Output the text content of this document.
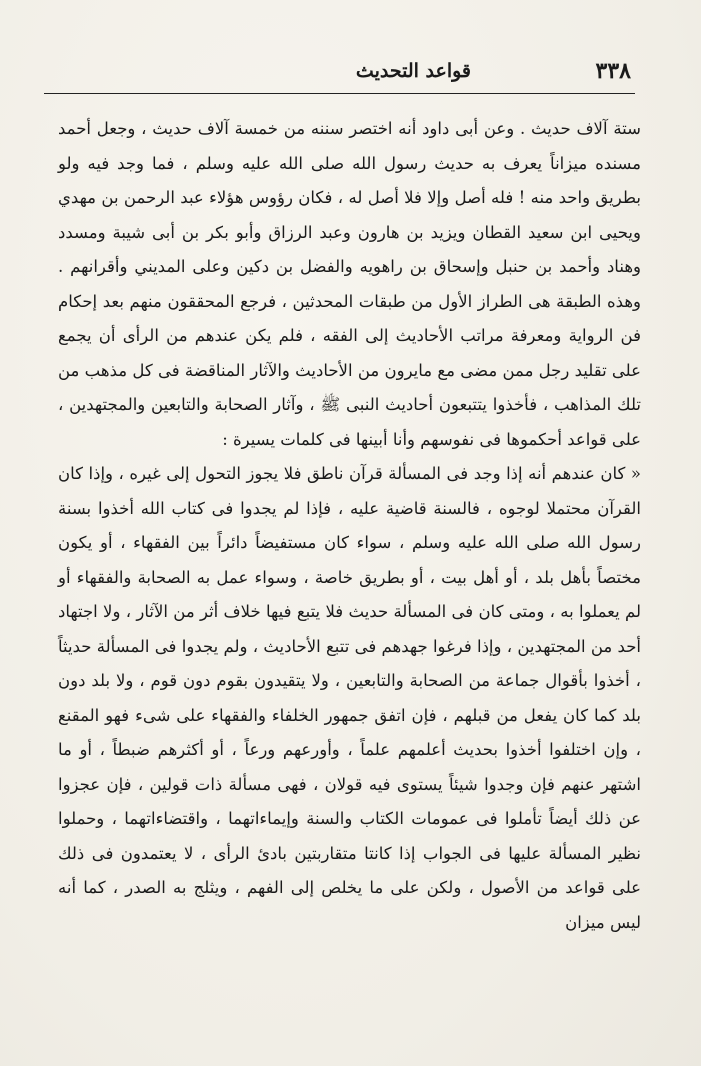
٣٣٨
قواعد التحديث

ستة آلاف حديث . وعن أبى داود أنه اختصر سننه من خمسة آلاف حديث ، وجعل أحمد مسنده ميزاناً يعرف به حديث رسول الله صلى الله عليه وسلم ، فما وجد فيه ولو بطريق واحد منه ! فله أصل وإلا فلا أصل له ، فكان رؤوس هؤلاء عبد الرحمن بن مهدي ويحيى ابن سعيد القطان ويزيد بن هارون وعبد الرزاق وأبو بكر بن أبى شيبة ومسدد وهناد وأحمد بن حنبل وإسحاق بن راهويه والفضل بن دكين وعلى المديني وأقرانهم . وهذه الطبقة هى الطراز الأول من طبقات المحدثين ، فرجع المحققون منهم بعد إحكام فن الرواية ومعرفة مراتب الأحاديث إلى الفقه ، فلم يكن عندهم من الرأى أن يجمع على تقليد رجل ممن مضى مع مايرون من الأحاديث والآثار المناقضة فى كل مذهب من تلك المذاهب ، فأخذوا يتتبعون أحاديث النبى ﷺ ، وآثار الصحابة والتابعين والمجتهدين ، على قواعد أحكموها فى نفوسهم وأنا أبينها فى كلمات يسيرة :

« كان عندهم أنه إذا وجد فى المسألة قرآن ناطق فلا يجوز التحول إلى غيره ، وإذا كان القرآن محتملا لوجوه ، فالسنة قاضية عليه ، فإذا لم يجدوا فى كتاب الله أخذوا بسنة رسول الله صلى الله عليه وسلم ، سواء كان مستفيضاً دائراً بين الفقهاء ، أو يكون مختصاً بأهل بلد ، أو أهل بيت ، أو بطريق خاصة ، وسواء عمل به الصحابة والفقهاء أو لم يعملوا به ، ومتى كان فى المسألة حديث فلا يتبع فيها خلاف أثر من الآثار ، ولا اجتهاد أحد من المجتهدين ، وإذا فرغوا جهدهم فى تتبع الأحاديث ، ولم يجدوا فى المسألة حديثاً ، أخذوا بأقوال جماعة من الصحابة والتابعين ، ولا يتقيدون بقوم دون قوم ، ولا بلد دون بلد كما كان يفعل من قبلهم ، فإن اتفق جمهور الخلفاء والفقهاء على شىء فهو المقنع ، وإن اختلفوا أخذوا بحديث أعلمهم علماً ، وأورعهم ورعاً ، أو أكثرهم ضبطاً ، أو ما اشتهر عنهم فإن وجدوا شيئاً يستوى فيه قولان ، فهى مسألة ذات قولين ، فإن عجزوا عن ذلك أيضاً تأملوا فى عمومات الكتاب والسنة وإيماءاتهما ، واقتضاءاتهما ، وحملوا نظير المسألة عليها فى الجواب إذا كانتا متقاربتين بادئ الرأى ، لا يعتمدون فى ذلك على قواعد من الأصول ، ولكن على ما يخلص إلى الفهم ، ويثلج به الصدر ، كما أنه ليس ميزان
